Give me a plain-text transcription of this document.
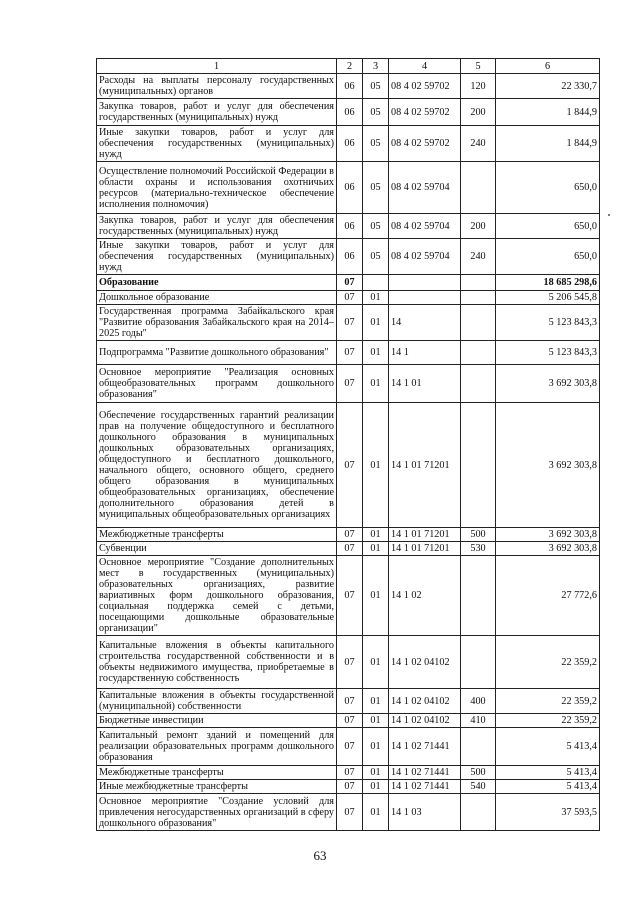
1	2	3	4	5	6
Расходы на выплаты персоналу государственных (муниципальных) органов	06	05	08 4 02 59702	120	22 330,7
Закупка товаров, работ и услуг для обеспечения государственных (муниципальных) нужд	06	05	08 4 02 59702	200	1 844,9
Иные закупки товаров, работ и услуг для обеспечения государственных (муниципальных) нужд	06	05	08 4 02 59702	240	1 844,9
Осуществление полномочий Российской Федерации в области охраны и использования охотничьих ресурсов (материально-техническое обеспечение исполнения полномочия)	06	05	08 4 02 59704		650,0
Закупка товаров, работ и услуг для обеспечения государственных (муниципальных) нужд	06	05	08 4 02 59704	200	650,0
Иные закупки товаров, работ и услуг для обеспечения государственных (муниципальных) нужд	06	05	08 4 02 59704	240	650,0
Образование	07				18 685 298,6
Дошкольное образование	07	01			5 206 545,8
Государственная программа Забайкальского края "Развитие образования Забайкальского края на 2014–2025 годы"	07	01	14		5 123 843,3
Подпрограмма "Развитие дошкольного образования"	07	01	14 1		5 123 843,3
Основное мероприятие "Реализация основных общеобразовательных программ дошкольного образования"	07	01	14 1 01		3 692 303,8
Обеспечение государственных гарантий реализации прав на получение общедоступного и бесплатного дошкольного образования в муниципальных дошкольных образовательных организациях, общедоступного и бесплатного дошкольного, начального общего, основного общего, среднего общего образования в муниципальных общеобразовательных организациях, обеспечение дополнительного образования детей в муниципальных общеобразовательных организациях	07	01	14 1 01 71201		3 692 303,8
Межбюджетные трансферты	07	01	14 1 01 71201	500	3 692 303,8
Субвенции	07	01	14 1 01 71201	530	3 692 303,8
Основное мероприятие "Создание дополнительных мест в государственных (муниципальных) образовательных организациях, развитие вариативных форм дошкольного образования, социальная поддержка семей с детьми, посещающими дошкольные образовательные организации"	07	01	14 1 02		27 772,6
Капитальные вложения в объекты капитального строительства государственной собственности и в объекты недвижимого имущества, приобретаемые в государственную собственность	07	01	14 1 02 04102		22 359,2
Капитальные вложения в объекты государственной (муниципальной) собственности	07	01	14 1 02 04102	400	22 359,2
Бюджетные инвестиции	07	01	14 1 02 04102	410	22 359,2
Капитальный ремонт зданий и помещений для реализации образовательных программ дошкольного образования	07	01	14 1 02 71441		5 413,4
Межбюджетные трансферты	07	01	14 1 02 71441	500	5 413,4
Иные межбюджетные трансферты	07	01	14 1 02 71441	540	5 413,4
Основное мероприятие "Создание условий для привлечения негосударственных организаций в сферу дошкольного образования"	07	01	14 1 03		37 593,5
63
